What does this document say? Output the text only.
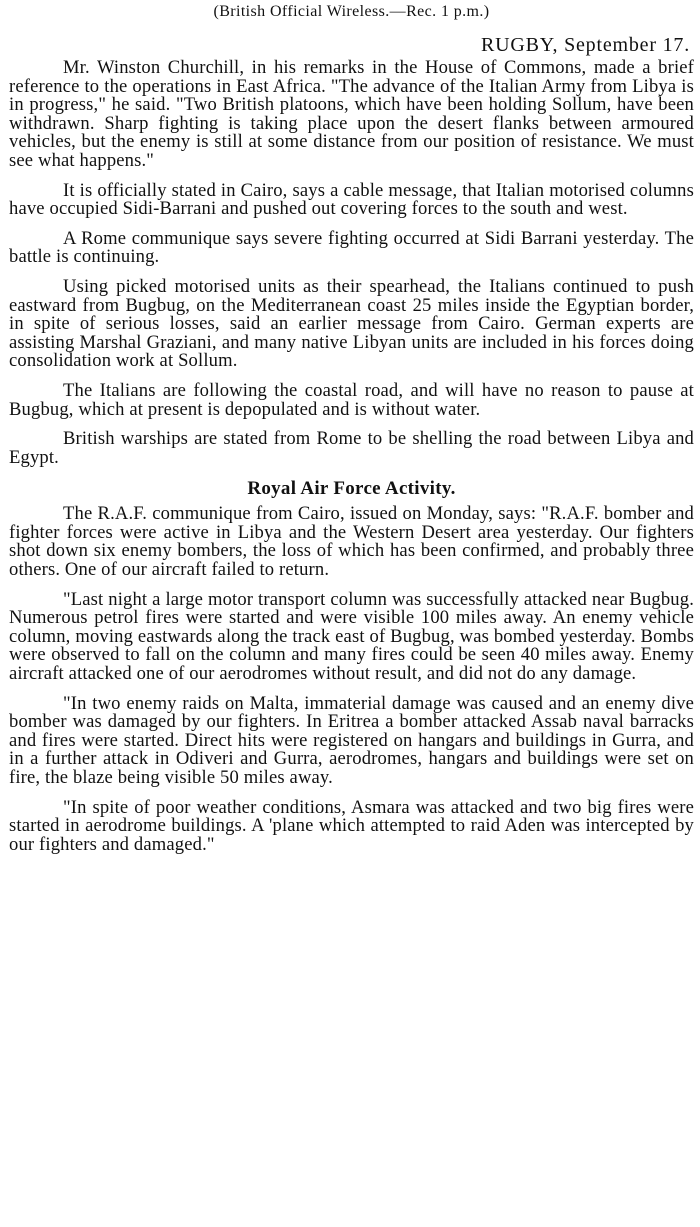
(British Official Wireless.—Rec. 1 p.m.)
RUGBY, September 17.

Mr. Winston Churchill, in his remarks in the House of Commons, made a brief reference to the operations in East Africa. "The advance of the Italian Army from Libya is in progress," he said. "Two British platoons, which have been holding Sollum, have been withdrawn. Sharp fighting is taking place upon the desert flanks between armoured vehicles, but the enemy is still at some distance from our position of resistance. We must see what happens."

It is officially stated in Cairo, says a cable message, that Italian motorised columns have occupied Sidi-Barrani and pushed out covering forces to the south and west.

A Rome communique says severe fighting occurred at Sidi Barrani yesterday. The battle is continuing.

Using picked motorised units as their spearhead, the Italians continued to push eastward from Bugbug, on the Mediterranean coast 25 miles inside the Egyptian border, in spite of serious losses, said an earlier message from Cairo. German experts are assisting Marshal Graziani, and many native Libyan units are included in his forces doing consolidation work at Sollum.

The Italians are following the coastal road, and will have no reason to pause at Bugbug, which at present is depopulated and is without water.

British warships are stated from Rome to be shelling the road between Libya and Egypt.

Royal Air Force Activity.

The R.A.F. communique from Cairo, issued on Monday, says: "R.A.F. bomber and fighter forces were active in Libya and the Western Desert area yesterday. Our fighters shot down six enemy bombers, the loss of which has been confirmed, and probably three others. One of our aircraft failed to return.

"Last night a large motor transport column was successfully attacked near Bugbug. Numerous petrol fires were started and were visible 100 miles away. An enemy vehicle column, moving eastwards along the track east of Bugbug, was bombed yesterday. Bombs were observed to fall on the column and many fires could be seen 40 miles away. Enemy aircraft attacked one of our aerodromes without result, and did not do any damage.

"In two enemy raids on Malta, immaterial damage was caused and an enemy dive bomber was damaged by our fighters. In Eritrea a bomber attacked Assab naval barracks and fires were started. Direct hits were registered on hangars and buildings in Gurra, and in a further attack in Odiveri and Gurra, aerodromes, hangars and buildings were set on fire, the blaze being visible 50 miles away.

"In spite of poor weather conditions, Asmara was attacked and two big fires were started in aerodrome buildings. A 'plane which attempted to raid Aden was intercepted by our fighters and damaged."
